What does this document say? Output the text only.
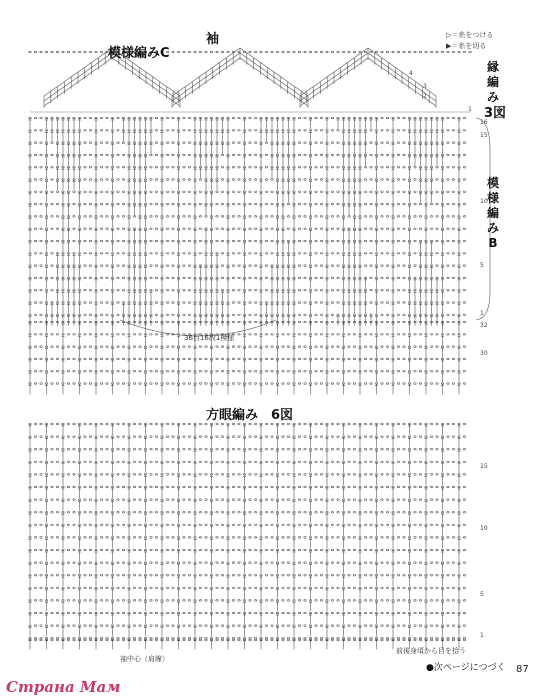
袖	▷＝糸をつける
▶＝糸を切る
模様編みC
縁
編
み
3図
模
様
編
み
B
36目16段1模様
方眼編み　6図
袖中心（肩線）
前後身頃から目を拾う
●次ページにつづく 87
Страна Мам
4
3
2
1
16
15
10
5
1
32
30
15
10
5
1
